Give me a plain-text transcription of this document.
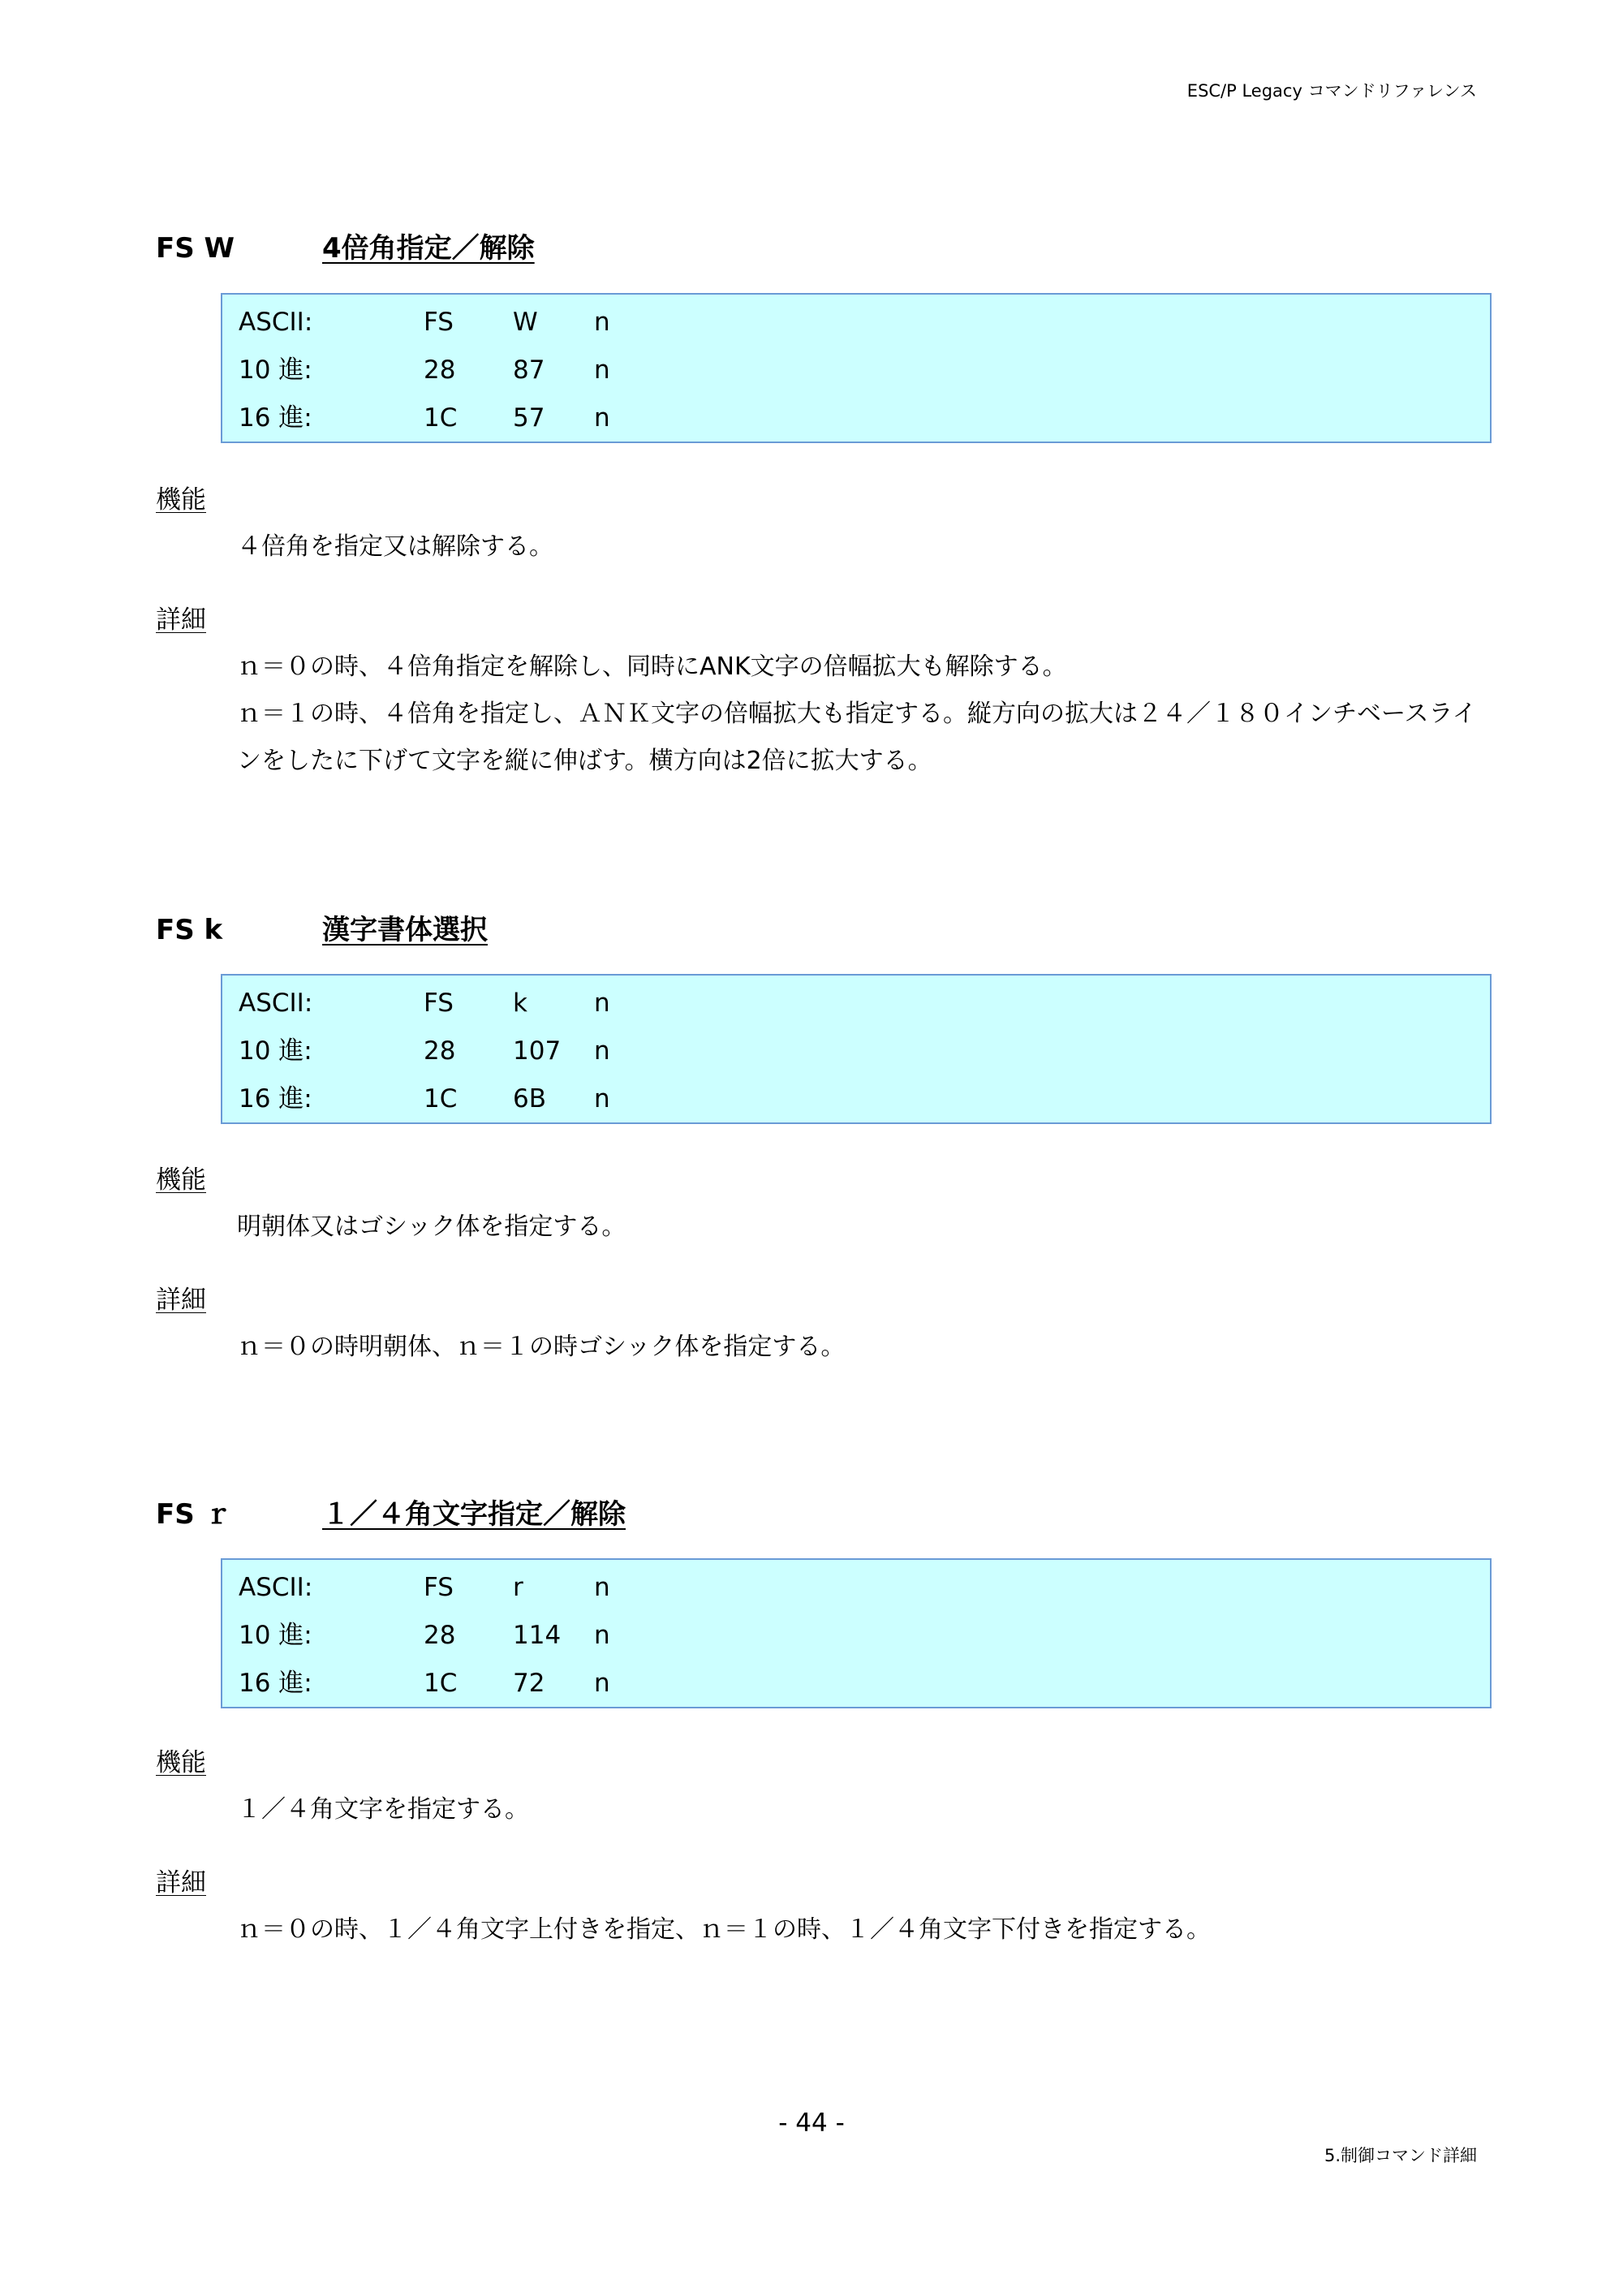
ESC/P Legacy コマンドリファレンス
FS W	4倍角指定／解除
ASCII:	FS W n
10 進:	28 87 n
16 進:	1C 57 n
機能
４倍角を指定又は解除する。
詳細
ｎ＝０の時、４倍角指定を解除し、同時にANK文字の倍幅拡大も解除する。
ｎ＝１の時、４倍角を指定し、ＡＮＫ文字の倍幅拡大も指定する。縦方向の拡大は２４／１８０インチベースライ
ンをしたに下げて文字を縦に伸ばす。横方向は2倍に拡大する。
FS k	漢字書体選択
ASCII:	FS k	n
10 進:	28 107 n
16 進:	1C 6B n
機能
明朝体又はゴシック体を指定する。
詳細
ｎ＝０の時明朝体、ｎ＝１の時ゴシック体を指定する。
FS ｒ	１／４角文字指定／解除
ASCII:	FS r	n
10 進:	28 114 n
16 進:	1C 72 n
機能
１／４角文字を指定する。
詳細
ｎ＝０の時、１／４角文字上付きを指定、ｎ＝１の時、１／４角文字下付きを指定する。
- 44 -
5.制御コマンド詳細
